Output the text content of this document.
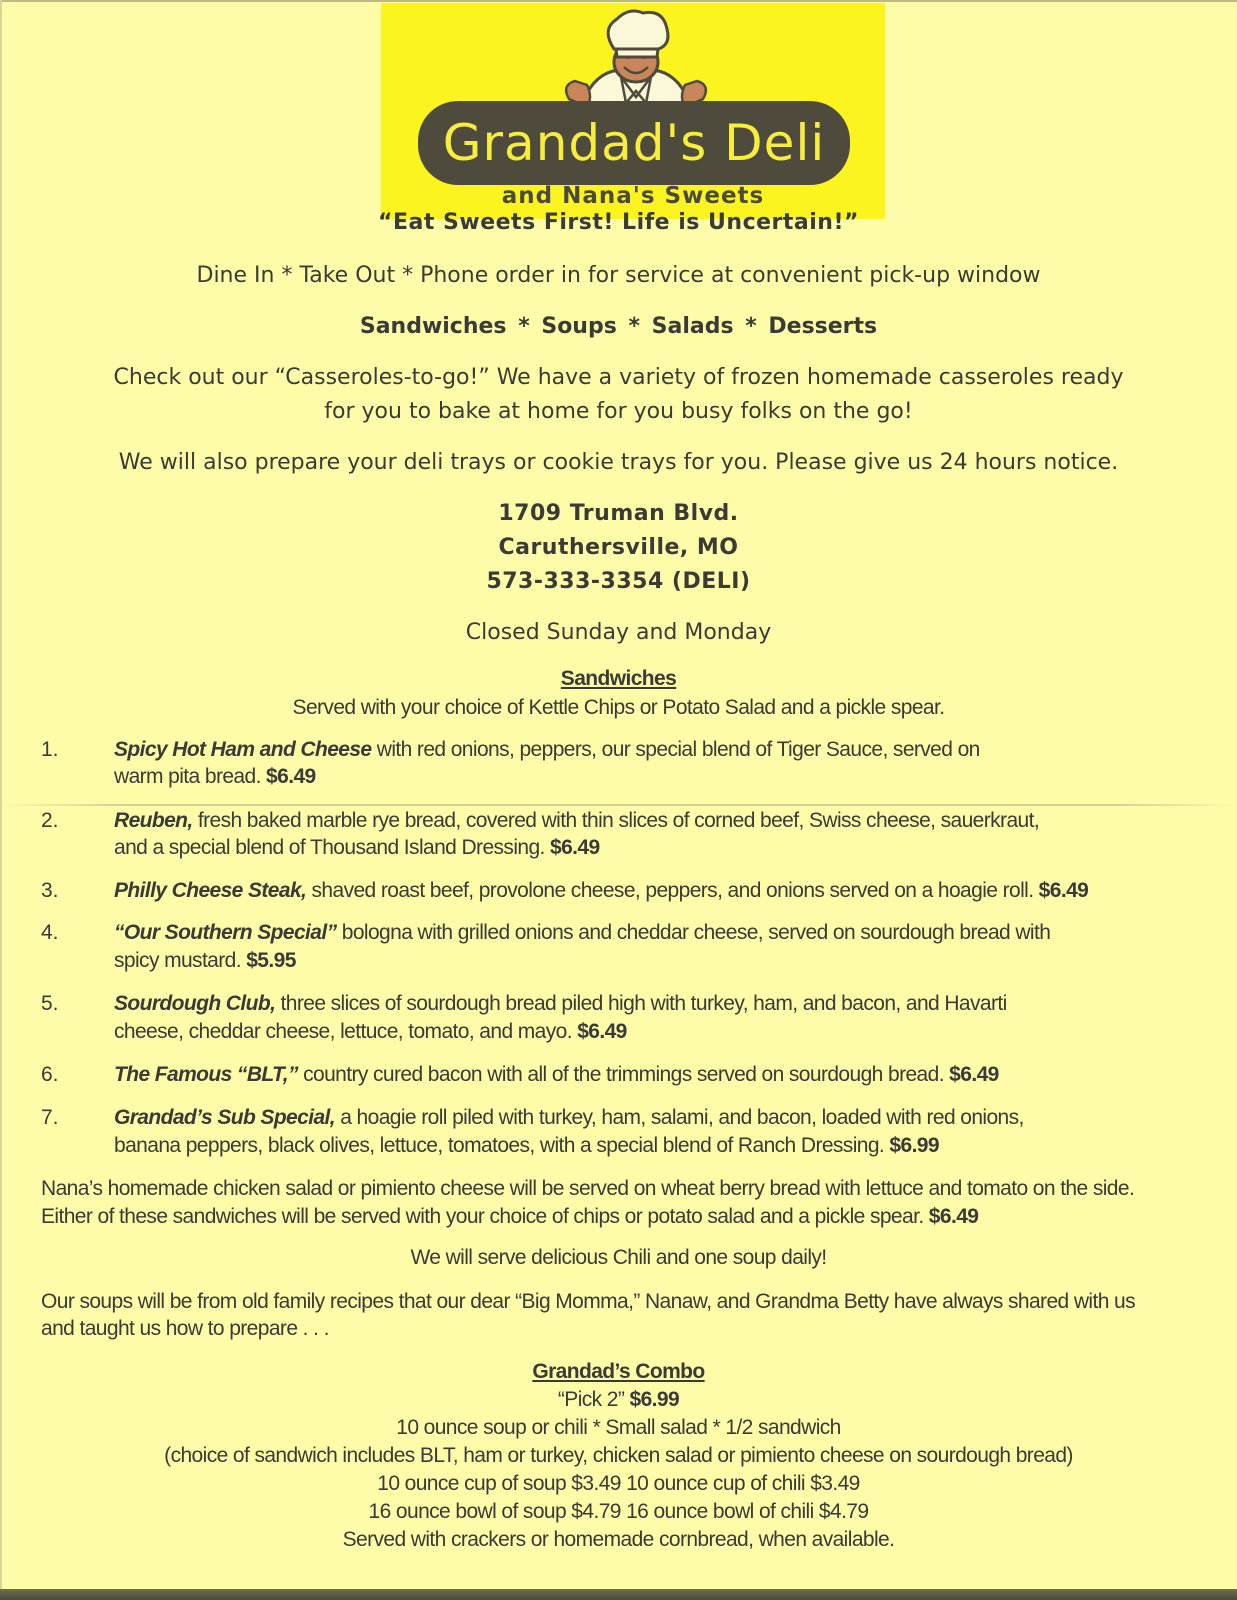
Grandad's Deli
and Nana's Sweets
“Eat Sweets First! Life is Uncertain!”
Dine In * Take Out * Phone order in for service at convenient pick-up window
Sandwiches * Soups * Salads * Desserts
Check out our “Casseroles-to-go!” We have a variety of frozen homemade casseroles ready
for you to bake at home for you busy folks on the go!
We will also prepare your deli trays or cookie trays for you. Please give us 24 hours notice.
1709 Truman Blvd.
Caruthersville, MO
573-333-3354 (DELI)
Closed Sunday and Monday
Sandwiches
Served with your choice of Kettle Chips or Potato Salad and a pickle spear.
1.	Spicy Hot Ham and Cheese with red onions, peppers, our special blend of Tiger Sauce, served on
warm pita bread. $6.49
2.	Reuben, fresh baked marble rye bread, covered with thin slices of corned beef, Swiss cheese, sauerkraut,
and a special blend of Thousand Island Dressing. $6.49
3.	Philly Cheese Steak, shaved roast beef, provolone cheese, peppers, and onions served on a hoagie roll. $6.49
4.	“Our Southern Special” bologna with grilled onions and cheddar cheese, served on sourdough bread with
spicy mustard. $5.95
5.	Sourdough Club, three slices of sourdough bread piled high with turkey, ham, and bacon, and Havarti
cheese, cheddar cheese, lettuce, tomato, and mayo. $6.49
6.	The Famous “BLT,” country cured bacon with all of the trimmings served on sourdough bread. $6.49
7.	Grandad’s Sub Special, a hoagie roll piled with turkey, ham, salami, and bacon, loaded with red onions,
banana peppers, black olives, lettuce, tomatoes, with a special blend of Ranch Dressing. $6.99
Nana’s homemade chicken salad or pimiento cheese will be served on wheat berry bread with lettuce and tomato on the side.
Either of these sandwiches will be served with your choice of chips or potato salad and a pickle spear. $6.49
We will serve delicious Chili and one soup daily!
Our soups will be from old family recipes that our dear “Big Momma,” Nanaw, and Grandma Betty have always shared with us
and taught us how to prepare . . .
Grandad’s Combo
“Pick 2” $6.99
10 ounce soup or chili * Small salad * 1/2 sandwich
(choice of sandwich includes BLT, ham or turkey, chicken salad or pimiento cheese on sourdough bread)
10 ounce cup of soup $3.49 10 ounce cup of chili $3.49
16 ounce bowl of soup $4.79 16 ounce bowl of chili $4.79
Served with crackers or homemade cornbread, when available.
